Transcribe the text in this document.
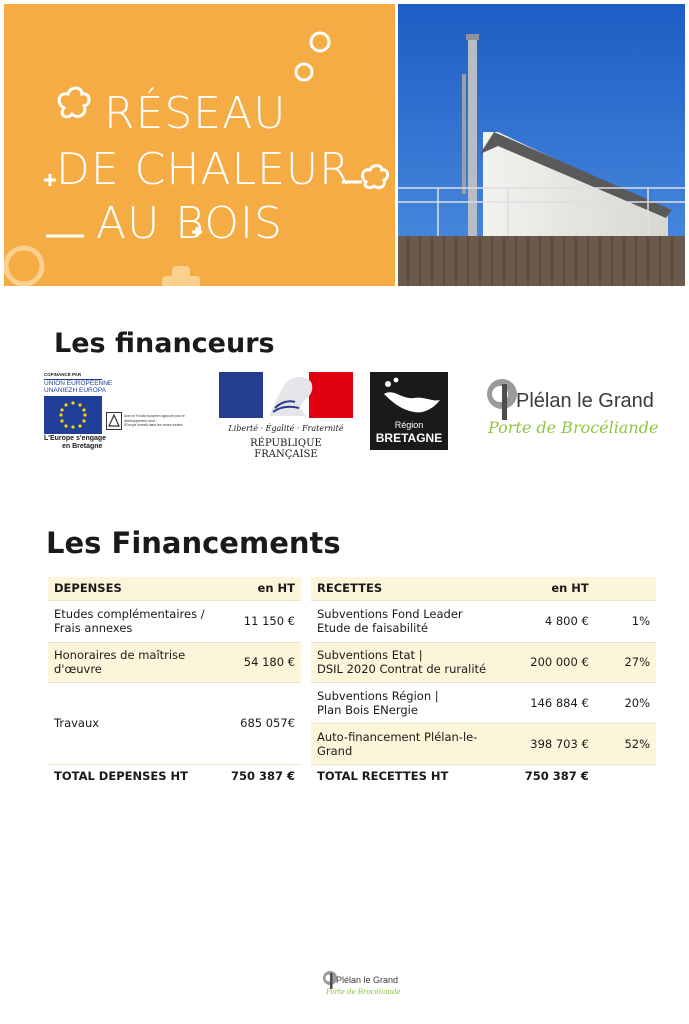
RÉSEAU
DE CHALEUR
AU BOIS
Les financeurs
COFINANCÉ PAR
UNION EUROPÉENNE
UNANIEZH EUROPA
Avec le Fonds européen agricole pour le développement rural :
l'Europe investit dans les zones rurales
L'Europe s'engage
en Bretagne
Liberté · Égalité · Fraternité
RÉPUBLIQUE FRANÇAISE
Région
BRETAGNE
Plélan le Grand
Porte de Brocéliande
Les Financements
DEPENSES	en HT
Etudes complémentaires / Frais annexes	11 150 €
Honoraires de maîtrise d'œuvre	54 180 €
Travaux	685 057€
TOTAL DEPENSES HT	750 387 €
RECETTES	en HT	

Subventions Fond Leader
Etude de faisabilité	4 800 €	1%

Subventions Etat |
DSIL 2020 Contrat de ruralité	200 000 €	27%

Subventions Région |
Plan Bois ENergie	146 884 €	20%

Auto-financement Plélan-le-Grand	398 703 €	52%
TOTAL RECETTES HT	750 387 €	
Plélan le Grand
Porte de Brocéliande
